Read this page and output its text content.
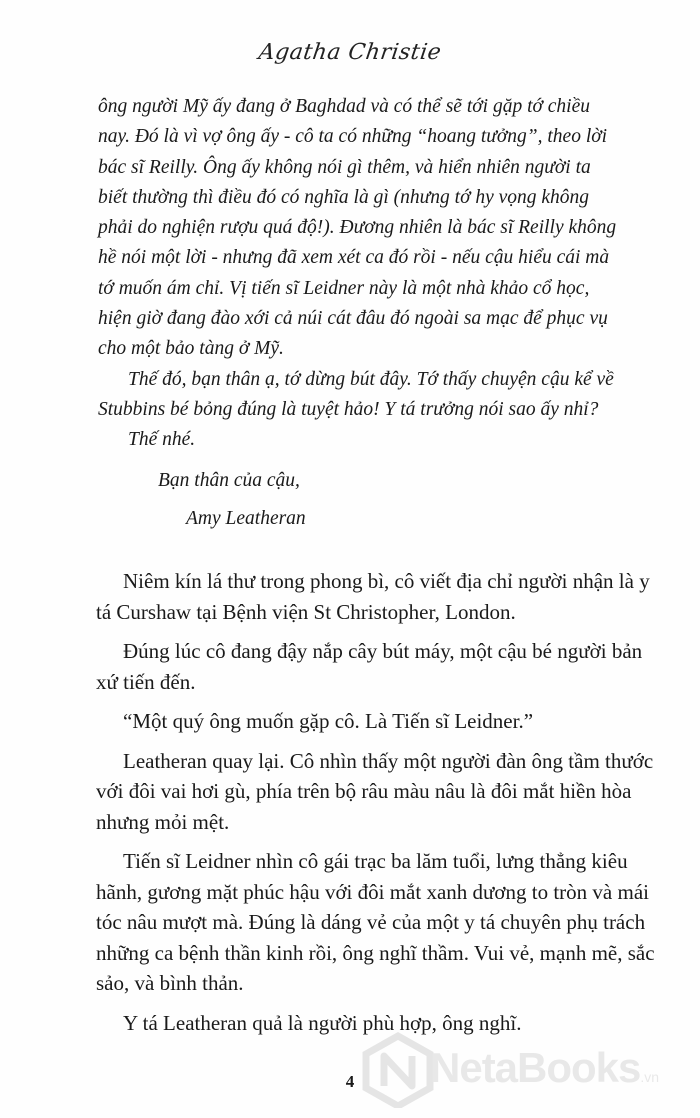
Agatha Christie

ông người Mỹ ấy đang ở Baghdad và có thể sẽ tới gặp tớ chiều nay. Đó là vì vợ ông ấy - cô ta có những “hoang tưởng”, theo lời bác sĩ Reilly. Ông ấy không nói gì thêm, và hiển nhiên người ta biết thường thì điều đó có nghĩa là gì (nhưng tớ hy vọng không phải do nghiện rượu quá độ!). Đương nhiên là bác sĩ Reilly không hề nói một lời - nhưng đã xem xét ca đó rồi - nếu cậu hiểu cái mà tớ muốn ám chỉ. Vị tiến sĩ Leidner này là một nhà khảo cổ học, hiện giờ đang đào xới cả núi cát đâu đó ngoài sa mạc để phục vụ cho một bảo tàng ở Mỹ.

Thế đó, bạn thân ạ, tớ dừng bút đây. Tớ thấy chuyện cậu kể về Stubbins bé bỏng đúng là tuyệt hảo! Y tá trưởng nói sao ấy nhỉ?

Thế nhé.

Bạn thân của cậu,

Amy Leatheran

Niêm kín lá thư trong phong bì, cô viết địa chỉ người nhận là y tá Curshaw tại Bệnh viện St Christopher, London.

Đúng lúc cô đang đậy nắp cây bút máy, một cậu bé người bản xứ tiến đến.

“Một quý ông muốn gặp cô. Là Tiến sĩ Leidner.”

Leatheran quay lại. Cô nhìn thấy một người đàn ông tầm thước với đôi vai hơi gù, phía trên bộ râu màu nâu là đôi mắt hiền hòa nhưng mỏi mệt.

Tiến sĩ Leidner nhìn cô gái trạc ba lăm tuổi, lưng thẳng kiêu hãnh, gương mặt phúc hậu với đôi mắt xanh dương to tròn và mái tóc nâu mượt mà. Đúng là dáng vẻ của một y tá chuyên phụ trách những ca bệnh thần kinh rồi, ông nghĩ thầm. Vui vẻ, mạnh mẽ, sắc sảo, và bình thản.

Y tá Leatheran quả là người phù hợp, ông nghĩ.

NetaBooks.vn
4
